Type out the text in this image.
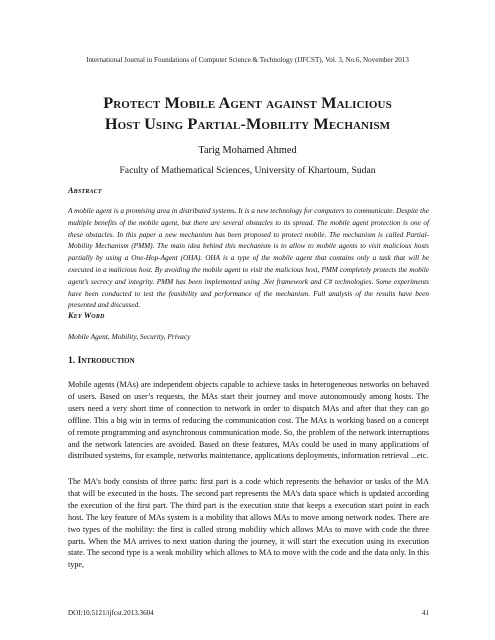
International Journal in Foundations of Computer Science & Technology (IJFCST), Vol. 3, No.6, November 2013
Protect Mobile Agent against Malicious
Host Using Partial-Mobility Mechanism
Tarig Mohamed Ahmed
Faculty of Mathematical Sciences, University of Khartoum, Sudan
Abstract
A mobile agent is a promising area in distributed systems. It is a new technology for computers to communicate. Despite the multiple benefits of the mobile agent, but there are several obstacles to its spread. The mobile agent protection is one of these obstacles. In this paper a new mechanism has been proposed to protect mobile. The mechanism is called Partial-Mobility Mechanism (PMM). The main idea behind this mechanism is to allow to mobile agents to visit malicious hosts partially by using a One-Hop-Agent (OHA). OHA is a type of the mobile agent that contains only a task that will be executed in a malicious host. By avoiding the mobile agent to visit the malicious host, PMM completely protects the mobile agent’s secrecy and integrity. PMM has been implemented using .Net framework and C# technologies. Some experiments have been conducted to test the feasibility and performance of the mechanism. Full analysis of the results have been presented and discussed.
Key Word
Mobile Agent, Mobility, Security, Privacy
1. Introduction
Mobile agents (MAs) are independent objects capable to achieve tasks in heterogeneous networks on behaved of users. Based on user’s requests, the MAs start their journey and move autonomously among hosts. The users need a very short time of connection to network in order to dispatch MAs and after that they can go offline. This a big win in terms of reducing the communication cost. The MAs is working based on a concept of remote programming and asynchronous communication mode. So, the problem of the network interruptions and the network latencies are avoided. Based on these features, MAs could be used in many applications of distributed systems, for example, networks maintenance, applications deployments, information retrieval ...etc.
The MA’s body consists of three parts: first part is a code which represents the behavior or tasks of the MA that will be executed in the hosts. The second part represents the MA’s data space which is updated according the execution of the first part. The third part is the execution state that keeps a execution start point in each host. The key feature of MAs system is a mobility that allows MAs to move among network nodes. There are two types of the mobility: the first is called strong mobility which allows MAs to move with code the three parts. When the MA arrives to next station during the journey, it will start the execution using its execution state. The second type is a weak mobility which allows to MA to move with the code and the data only. In this type,
DOI:10.5121/ijfcst.2013.3604	41
